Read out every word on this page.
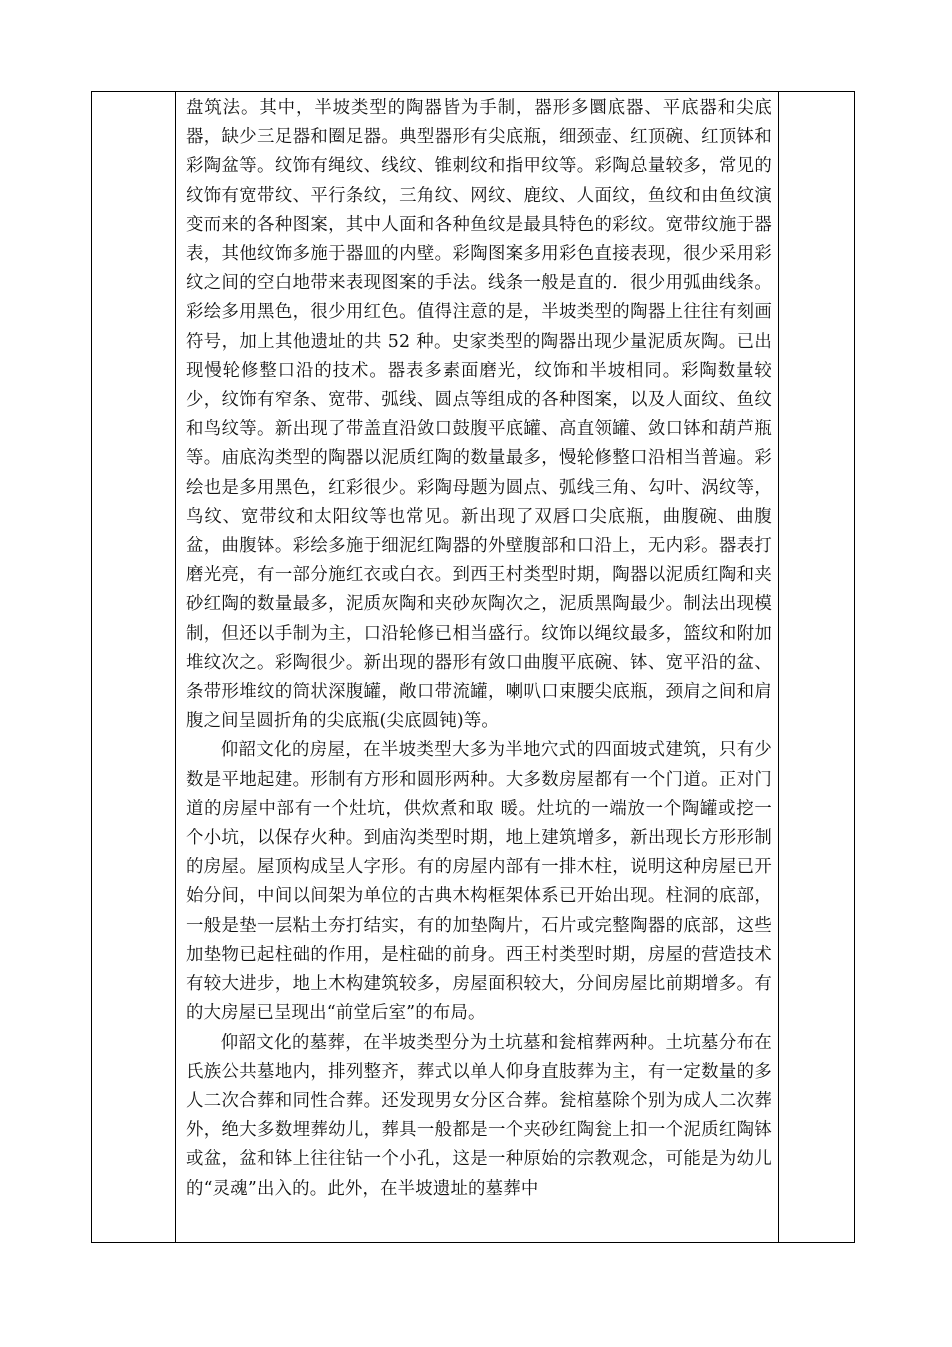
盘筑法。其中，半坡类型的陶器皆为手制，器形多圜底器、平底器和尖底器，缺少三足器和圈足器。典型器形有尖底瓶，细颈壶、红顶碗、红顶钵和彩陶盆等。纹饰有绳纹、线纹、锥刺纹和指甲纹等。彩陶总量较多，常见的纹饰有宽带纹、平行条纹，三角纹、网纹、鹿纹、人面纹，鱼纹和由鱼纹演变而来的各种图案，其中人面和各种鱼纹是最具特色的彩纹。宽带纹施于器表，其他纹饰多施于器皿的内壁。彩陶图案多用彩色直接表现，很少采用彩纹之间的空白地带来表现图案的手法。线条一般是直的．很少用弧曲线条。彩绘多用黑色，很少用红色。值得注意的是，半坡类型的陶器上往往有刻画符号，加上其他遗址的共 52 种。史家类型的陶器出现少量泥质灰陶。已出现慢轮修整口沿的技术。器表多素面磨光，纹饰和半坡相同。彩陶数量较少，纹饰有窄条、宽带、弧线、圆点等组成的各种图案，以及人面纹、鱼纹和鸟纹等。新出现了带盖直沿敛口鼓腹平底罐、高直领罐、敛口钵和葫芦瓶等。庙底沟类型的陶器以泥质红陶的数量最多，慢轮修整口沿相当普遍。彩绘也是多用黑色，红彩很少。彩陶母题为圆点、弧线三角、勾叶、涡纹等，鸟纹、宽带纹和太阳纹等也常见。新出现了双唇口尖底瓶，曲腹碗、曲腹盆，曲腹钵。彩绘多施于细泥红陶器的外壁腹部和口沿上，无内彩。器表打磨光亮，有一部分施红衣或白衣。到西王村类型时期，陶器以泥质红陶和夹砂红陶的数量最多，泥质灰陶和夹砂灰陶次之，泥质黑陶最少。制法出现模制，但还以手制为主，口沿轮修已相当盛行。纹饰以绳纹最多，篮纹和附加堆纹次之。彩陶很少。新出现的器形有敛口曲腹平底碗、钵、宽平沿的盆、条带形堆纹的筒状深腹罐，敞口带流罐，喇叭口束腰尖底瓶，颈肩之间和肩腹之间呈圆折角的尖底瓶(尖底圆钝)等。

仰韶文化的房屋，在半坡类型大多为半地穴式的四面坡式建筑，只有少数是平地起建。形制有方形和圆形两种。大多数房屋都有一个门道。正对门道的房屋中部有一个灶坑，供炊煮和取 暖。灶坑的一端放一个陶罐或挖一个小坑，以保存火种。到庙沟类型时期，地上建筑增多，新出现长方形形制的房屋。屋顶构成呈人字形。有的房屋内部有一排木柱，说明这种房屋已开始分间，中间以间架为单位的古典木构框架体系已开始出现。柱洞的底部，一般是垫一层粘土夯打结实，有的加垫陶片，石片或完整陶器的底部，这些加垫物已起柱础的作用，是柱础的前身。西王村类型时期，房屋的营造技术有较大进步，地上木构建筑较多，房屋面积较大，分间房屋比前期增多。有的大房屋已呈现出“前堂后室”的布局。

仰韶文化的墓葬，在半坡类型分为土坑墓和瓮棺葬两种。土坑墓分布在氏族公共墓地内，排列整齐，葬式以单人仰身直肢葬为主，有一定数量的多人二次合葬和同性合葬。还发现男女分区合葬。瓮棺墓除个别为成人二次葬外，绝大多数埋葬幼儿，葬具一般都是一个夹砂红陶瓮上扣一个泥质红陶钵或盆，盆和钵上往往钻一个小孔，这是一种原始的宗教观念，可能是为幼儿的“灵魂”出入的。此外，在半坡遗址的墓葬中
